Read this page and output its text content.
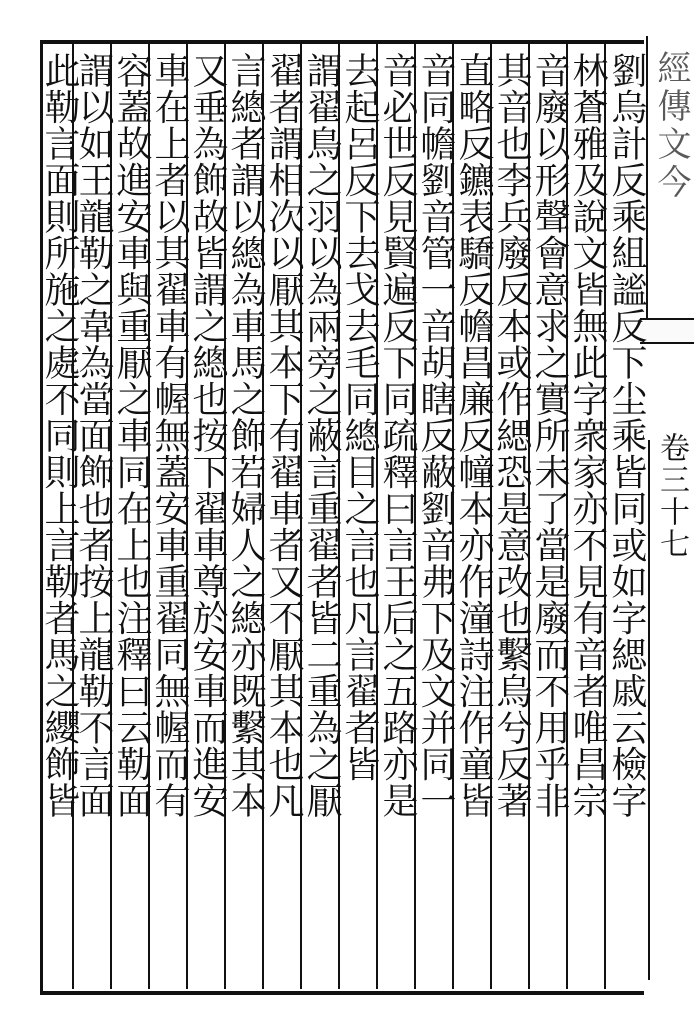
經傳文今
卷三十七
劉烏計反乘組謐反下尘乘皆同或如字緦戚云檢字
林蒼雅及說文皆無此字衆家亦不見有音者唯昌宗
音廢以形聲會意求之實所未了當是廢而不用乎非
其音也李兵廢反本或作緦恐是意改也繫烏兮反著
直略反鑣表驕反幨昌廉反幢本亦作潼詩注作童皆
音同幨劉音管一音胡瞎反蔽劉音弗下及文并同一
音必世反見賢遍反下同疏釋曰言王后之五路亦是
去起呂反下去戈去毛同總目之言也凡言翟者皆
謂翟鳥之羽以為兩旁之蔽言重翟者皆二重為之厭
翟者謂相次以厭其本下有翟車者又不厭其本也凡
言總者謂以總為車馬之飾若婦人之總亦既繫其本
又垂為飾故皆謂之總也按下翟車尊於安車而進安
車在上者以其翟車有幄無蓋安車重翟同無幄而有
容蓋故進安車與重厭之車同在上也注釋曰云勒面
謂以如王龍勒之韋為當面飾也者按上龍勒不言面
此勒言面則所施之處不同則上言勒者馬之纓飾皆
